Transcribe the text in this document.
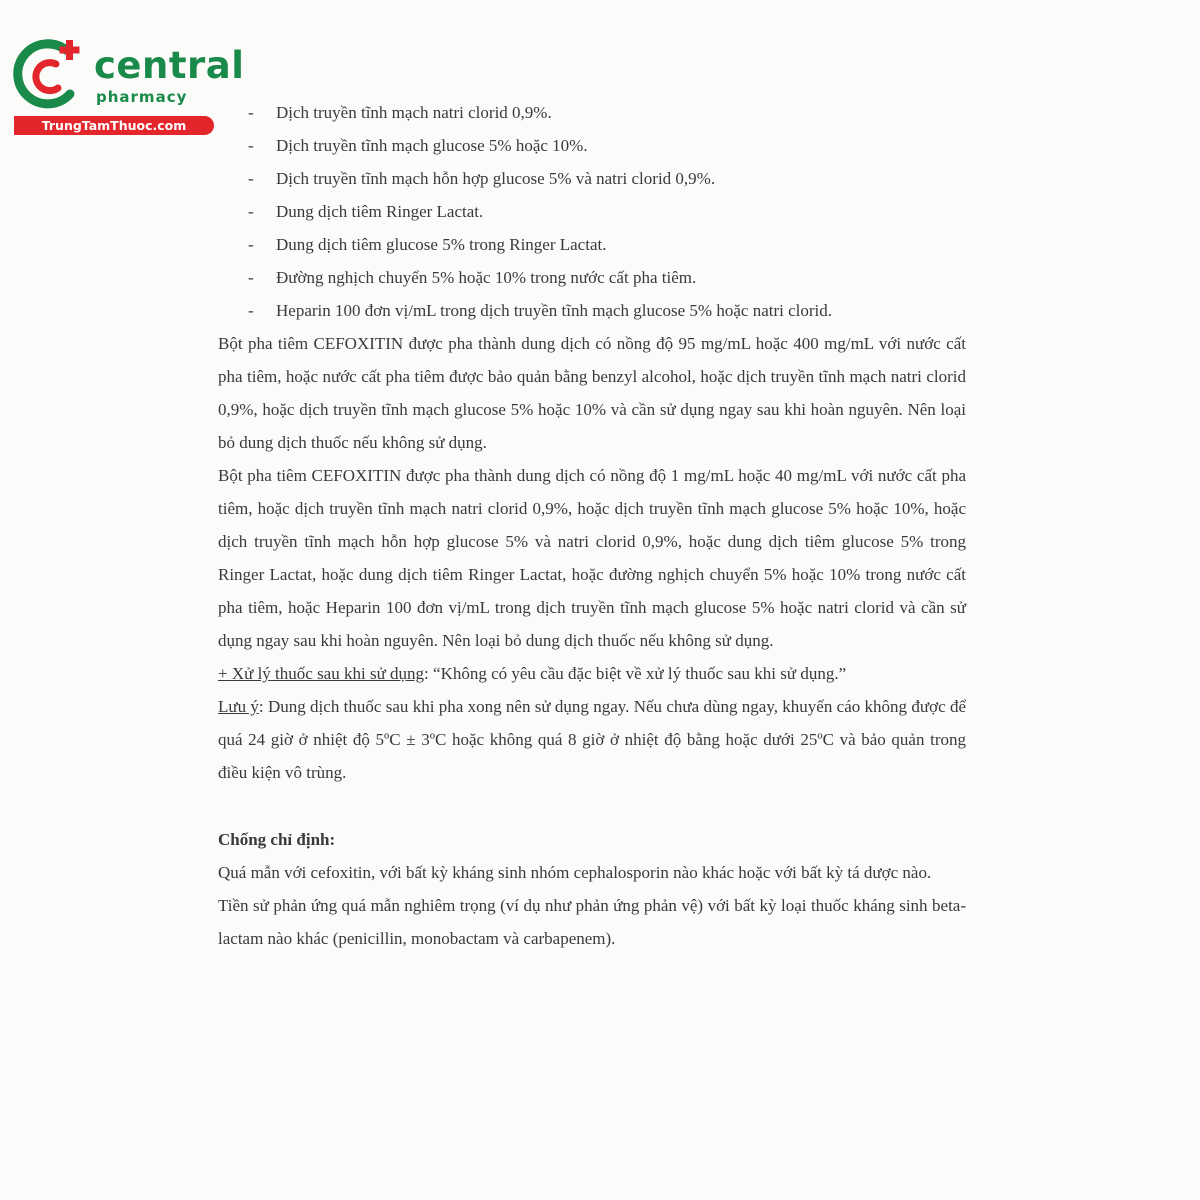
central
pharmacy
TrungTamThuoc.com
- Dịch truyền tĩnh mạch natri clorid 0,9%.
- Dịch truyền tĩnh mạch glucose 5% hoặc 10%.
- Dịch truyền tĩnh mạch hỗn hợp glucose 5% và natri clorid 0,9%.
- Dung dịch tiêm Ringer Lactat.
- Dung dịch tiêm glucose 5% trong Ringer Lactat.
- Đường nghịch chuyển 5% hoặc 10% trong nước cất pha tiêm.
- Heparin 100 đơn vị/mL trong dịch truyền tĩnh mạch glucose 5% hoặc natri clorid.

Bột pha tiêm CEFOXITIN được pha thành dung dịch có nồng độ 95 mg/mL hoặc 400 mg/mL với nước cất pha tiêm, hoặc nước cất pha tiêm được bảo quản bằng benzyl alcohol, hoặc dịch truyền tĩnh mạch natri clorid 0,9%, hoặc dịch truyền tĩnh mạch glucose 5% hoặc 10% và cần sử dụng ngay sau khi hoàn nguyên. Nên loại bỏ dung dịch thuốc nếu không sử dụng.

Bột pha tiêm CEFOXITIN được pha thành dung dịch có nồng độ 1 mg/mL hoặc 40 mg/mL với nước cất pha tiêm, hoặc dịch truyền tĩnh mạch natri clorid 0,9%, hoặc dịch truyền tĩnh mạch glucose 5% hoặc 10%, hoặc dịch truyền tĩnh mạch hỗn hợp glucose 5% và natri clorid 0,9%, hoặc dung dịch tiêm glucose 5% trong Ringer Lactat, hoặc dung dịch tiêm Ringer Lactat, hoặc đường nghịch chuyển 5% hoặc 10% trong nước cất pha tiêm, hoặc Heparin 100 đơn vị/mL trong dịch truyền tĩnh mạch glucose 5% hoặc natri clorid và cần sử dụng ngay sau khi hoàn nguyên. Nên loại bỏ dung dịch thuốc nếu không sử dụng.

+ Xử lý thuốc sau khi sử dụng: “Không có yêu cầu đặc biệt về xử lý thuốc sau khi sử dụng.”

Lưu ý: Dung dịch thuốc sau khi pha xong nên sử dụng ngay. Nếu chưa dùng ngay, khuyến cáo không được để quá 24 giờ ở nhiệt độ 5ºC ± 3ºC hoặc không quá 8 giờ ở nhiệt độ bằng hoặc dưới 25ºC và bảo quản trong điều kiện vô trùng.

Chống chỉ định:

Quá mẫn với cefoxitin, với bất kỳ kháng sinh nhóm cephalosporin nào khác hoặc với bất kỳ tá dược nào.

Tiền sử phản ứng quá mẫn nghiêm trọng (ví dụ như phản ứng phản vệ) với bất kỳ loại thuốc kháng sinh beta-lactam nào khác (penicillin, monobactam và carbapenem).
